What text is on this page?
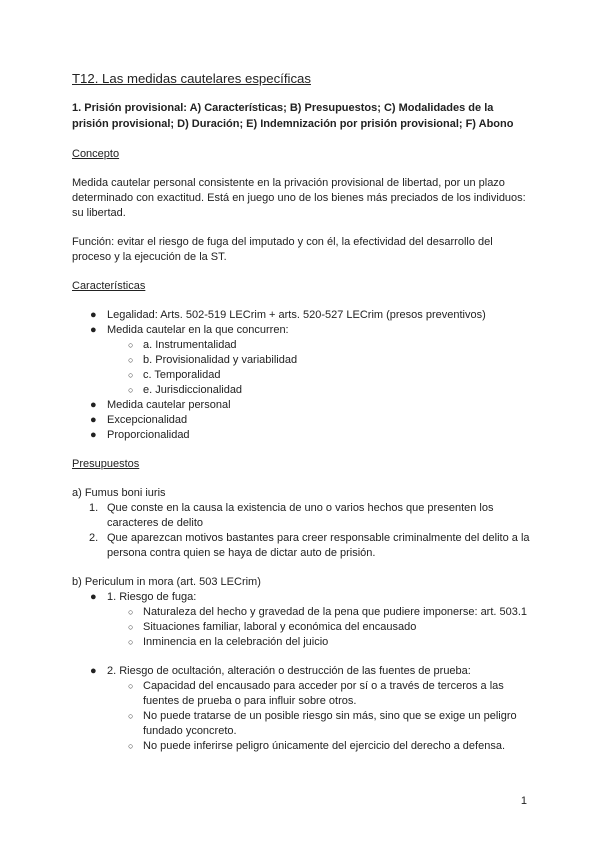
T12. Las medidas cautelares específicas
1. Prisión provisional: A) Características; B) Presupuestos; C) Modalidades de la prisión provisional; D) Duración; E) Indemnización por prisión provisional; F) Abono
Concepto

Medida cautelar personal consistente en la privación provisional de libertad, por un plazo determinado con exactitud. Está en juego uno de los bienes más preciados de los individuos: su libertad.

Función: evitar el riesgo de fuga del imputado y con él, la efectividad del desarrollo del proceso y la ejecución de la ST.

Características
● Legalidad: Arts. 502-519 LECrim + arts. 520-527 LECrim (presos preventivos)
● Medida cautelar en la que concurren:
○ a. Instrumentalidad
○ b. Provisionalidad y variabilidad
○ c. Temporalidad
○ e. Jurisdiccionalidad
● Medida cautelar personal
● Excepcionalidad
● Proporcionalidad
Presupuestos
a) Fumus boni iuris
1. Que conste en la causa la existencia de uno o varios hechos que presenten los caracteres de delito
2. Que aparezcan motivos bastantes para creer responsable criminalmente del delito a la persona contra quien se haya de dictar auto de prisión.
b) Periculum in mora (art. 503 LECrim)
● 1. Riesgo de fuga:
○ Naturaleza del hecho y gravedad de la pena que pudiere imponerse: art. 503.1
○ Situaciones familiar, laboral y económica del encausado
○ Inminencia en la celebración del juicio
● 2. Riesgo de ocultación, alteración o destrucción de las fuentes de prueba:
○ Capacidad del encausado para acceder por sí o a través de terceros a las fuentes de prueba o para influir sobre otros.
○ No puede tratarse de un posible riesgo sin más, sino que se exige un peligro fundado yconcreto.
○ No puede inferirse peligro únicamente del ejercicio del derecho a defensa.
1
